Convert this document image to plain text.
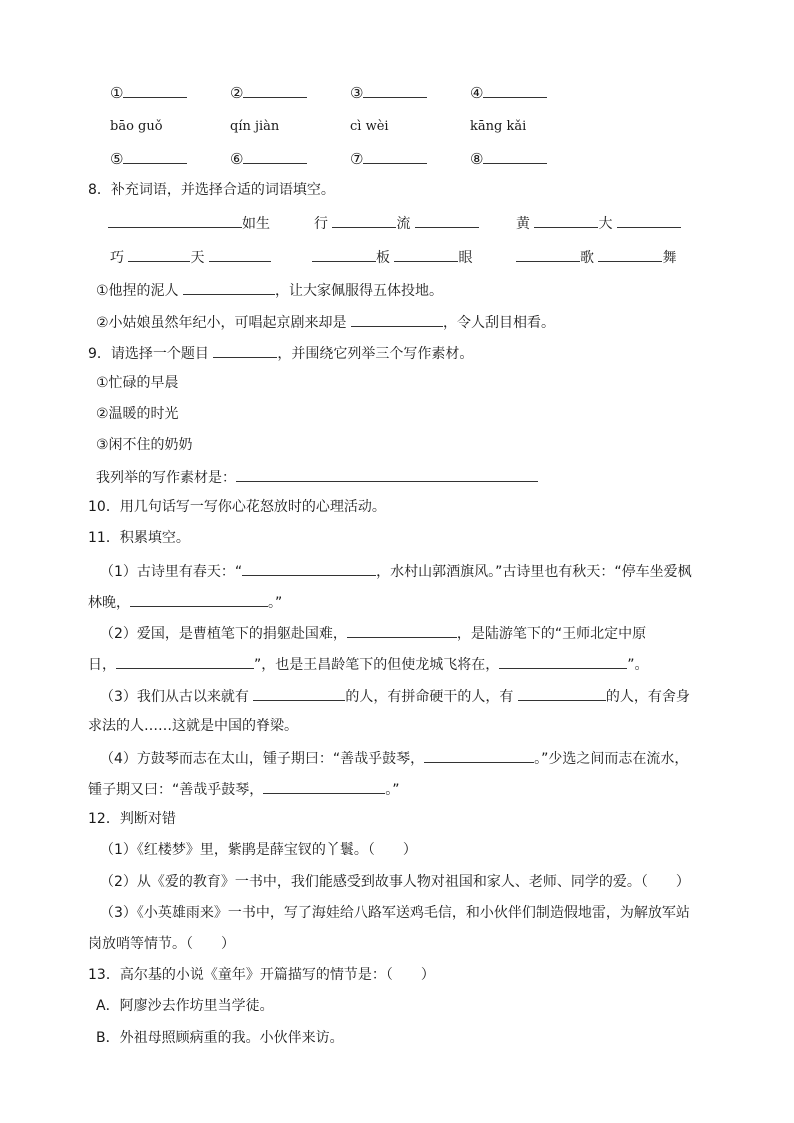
①	②	③	④
bāo guǒ	qín jiàn	cì wèi	kāng kǎi
⑤	⑥	⑦	⑧
8．补充词语，并选择合适的词语填空。
如生	行	流	黄	大
巧	天	板	眼	歌	舞
①他捏的泥人	，让大家佩服得五体投地。
②小姑娘虽然年纪小，可唱起京剧来却是	，令人刮目相看。
9．请选择一个题目	，并围绕它列举三个写作素材。
①忙碌的早晨
②温暖的时光
③闲不住的奶奶
我列举的写作素材是：
10．用几句话写一写你心花怒放时的心理活动。
11．积累填空。
（1）古诗里有春天：“	，水村山郭酒旗风。”古诗里也有秋天：“停车坐爱枫
林晚，	。”
（2）爱国，是曹植笔下的捐躯赴国难，	，是陆游笔下的“王师北定中原
日，	”，也是王昌龄笔下的但使龙城飞将在，	”。
（3）我们从古以来就有	的人，有拼命硬干的人，有	的人，有舍身
求法的人……这就是中国的脊梁。
（4）方鼓琴而志在太山，锺子期曰：“善哉乎鼓琴，	。”少选之间而志在流水，
锺子期又曰：“善哉乎鼓琴，	。”
12．判断对错
（1）《红楼梦》里，紫鹃是薛宝钗的丫鬟。（　　）
（2）从《爱的教育》一书中，我们能感受到故事人物对祖国和家人、老师、同学的爱。（　　）
（3）《小英雄雨来》一书中，写了海娃给八路军送鸡毛信，和小伙伴们制造假地雷，为解放军站
岗放哨等情节。（　　）
13．高尔基的小说《童年》开篇描写的情节是：（　　）
A．阿廖沙去作坊里当学徒。
B．外祖母照顾病重的我。小伙伴来访。
